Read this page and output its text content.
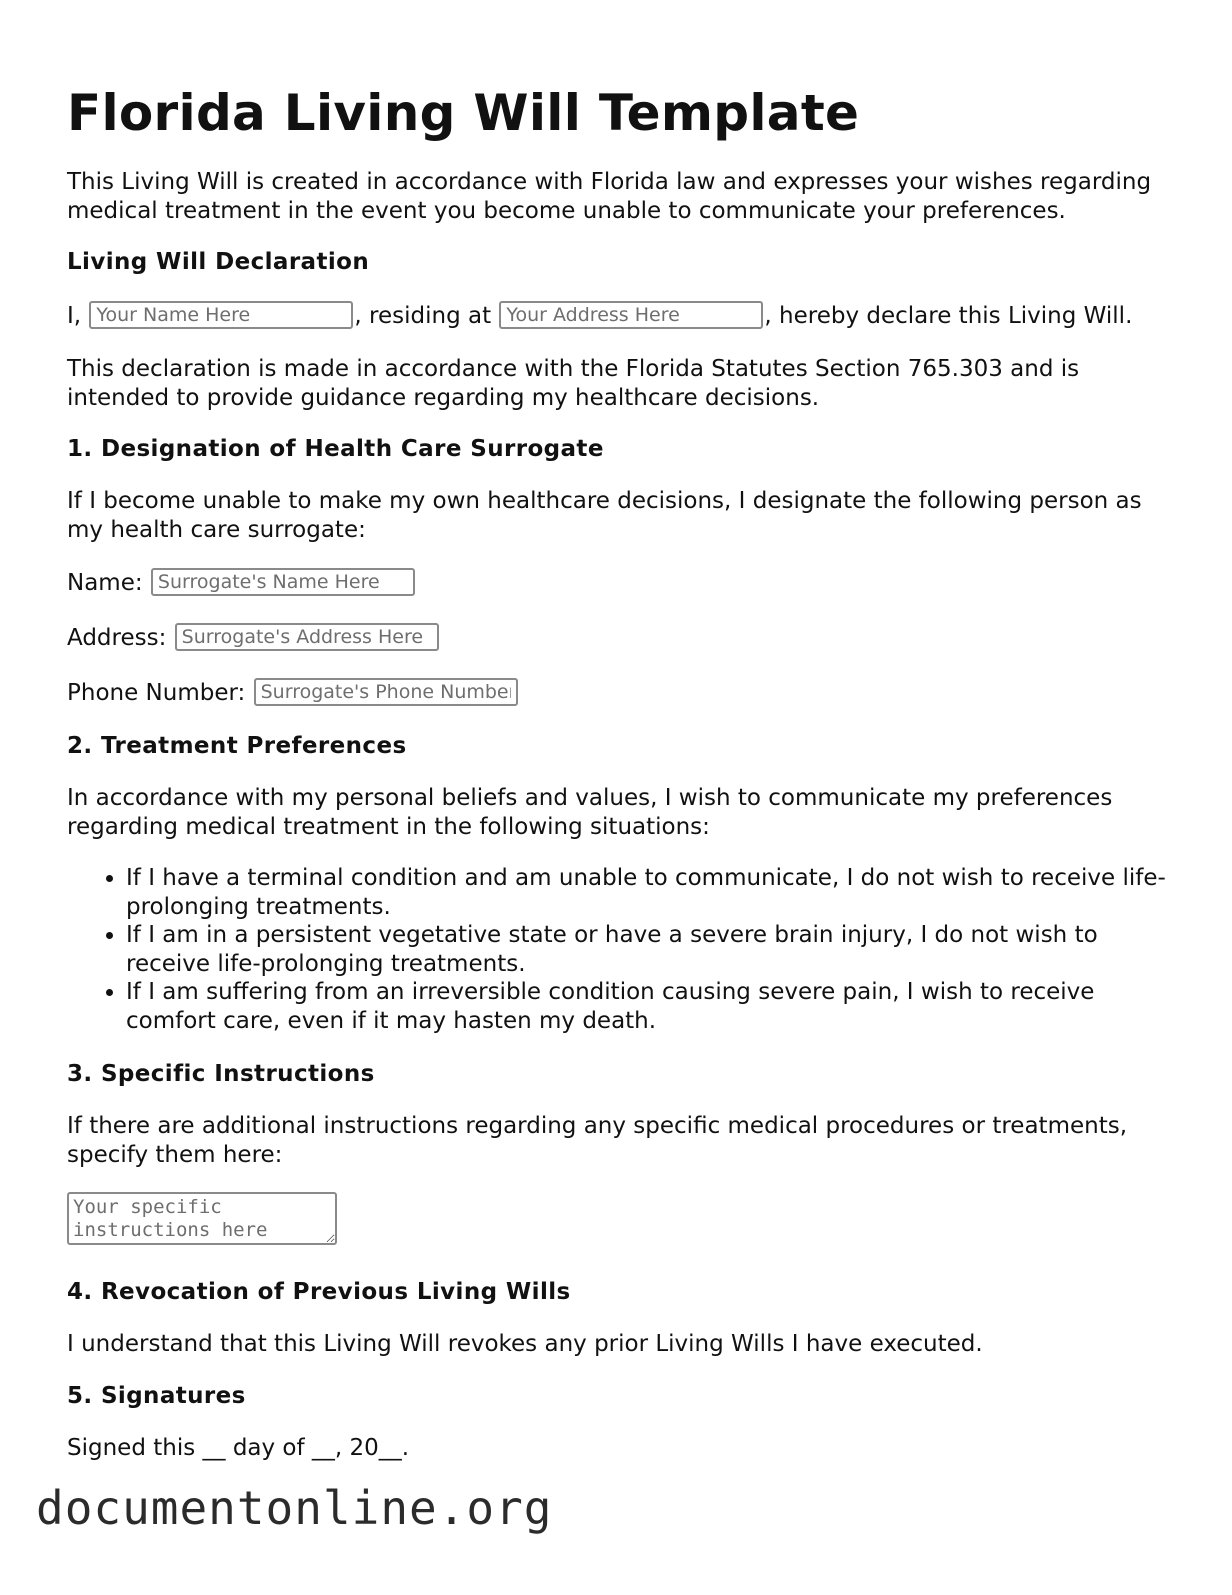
Florida Living Will Template

This Living Will is created in accordance with Florida law and expresses your wishes regarding medical treatment in the event you become unable to communicate your preferences.

Living Will Declaration
I, Your Name Here	, residing at Your Address Here	, hereby declare this Living Will.

This declaration is made in accordance with the Florida Statutes Section 765.303 and is intended to provide guidance regarding my healthcare decisions.

1. Designation of Health Care Surrogate

If I become unable to make my own healthcare decisions, I designate the following person as my health care surrogate:

Name: Surrogate's Name Here
Address: Surrogate's Address Here
Phone Number: Surrogate's Phone Number
2. Treatment Preferences

In accordance with my personal beliefs and values, I wish to communicate my preferences regarding medical treatment in the following situations:

• If I have a terminal condition and am unable to communicate, I do not wish to receive life-prolonging treatments.
• If I am in a persistent vegetative state or have a severe brain injury, I do not wish to receive life-prolonging treatments.
• If I am suffering from an irreversible condition causing severe pain, I wish to receive comfort care, even if it may hasten my death.
3. Specific Instructions

If there are additional instructions regarding any specific medical procedures or treatments, specify them here:

Your specific instructions here
4. Revocation of Previous Living Wills

I understand that this Living Will revokes any prior Living Wills I have executed.

5. Signatures

Signed this __ day of __, 20__.

documentonline.org
